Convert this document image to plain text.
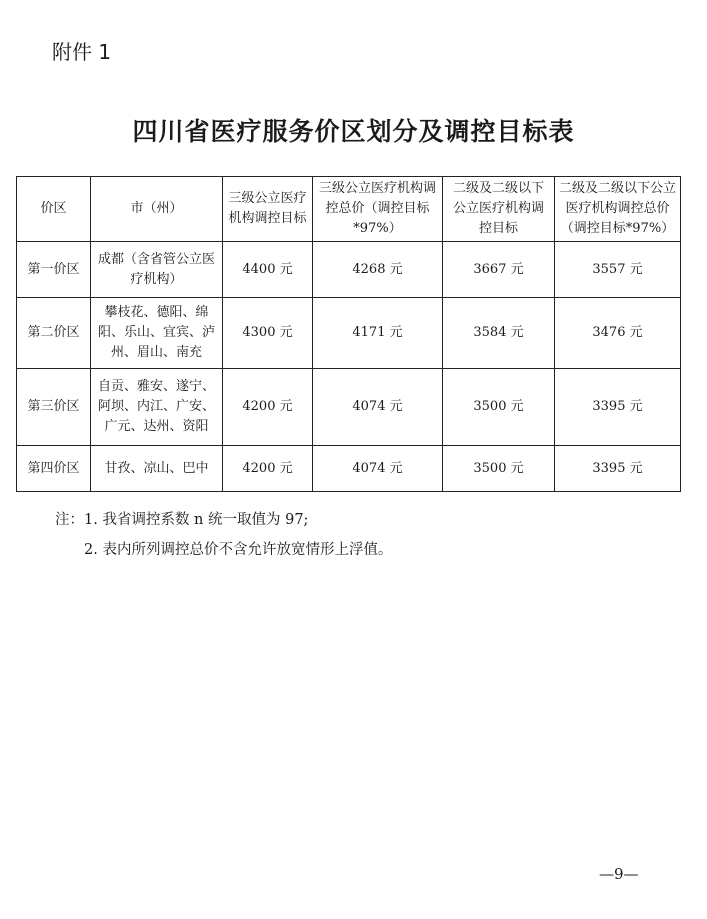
附件 1
四川省医疗服务价区划分及调控目标表
价区	市（州）	三级公立医疗机构调控目标	三级公立医疗机构调控总价（调控目标*97%）	二级及二级以下公立医疗机构调控目标	二级及二级以下公立医疗机构调控总价（调控目标*97%）
第一价区	成都（含省管公立医疗机构）	4400 元	4268 元	3667 元	3557 元
第二价区	攀枝花、德阳、绵阳、乐山、宜宾、泸州、眉山、南充	4300 元	4171 元	3584 元	3476 元
第三价区	自贡、雅安、遂宁、阿坝、内江、广安、广元、达州、资阳	4200 元	4074 元	3500 元	3395 元
第四价区	甘孜、凉山、巴中	4200 元	4074 元	3500 元	3395 元
注：1. 我省调控系数 n 统一取值为 97;
2. 表内所列调控总价不含允许放宽情形上浮值。
—9—
